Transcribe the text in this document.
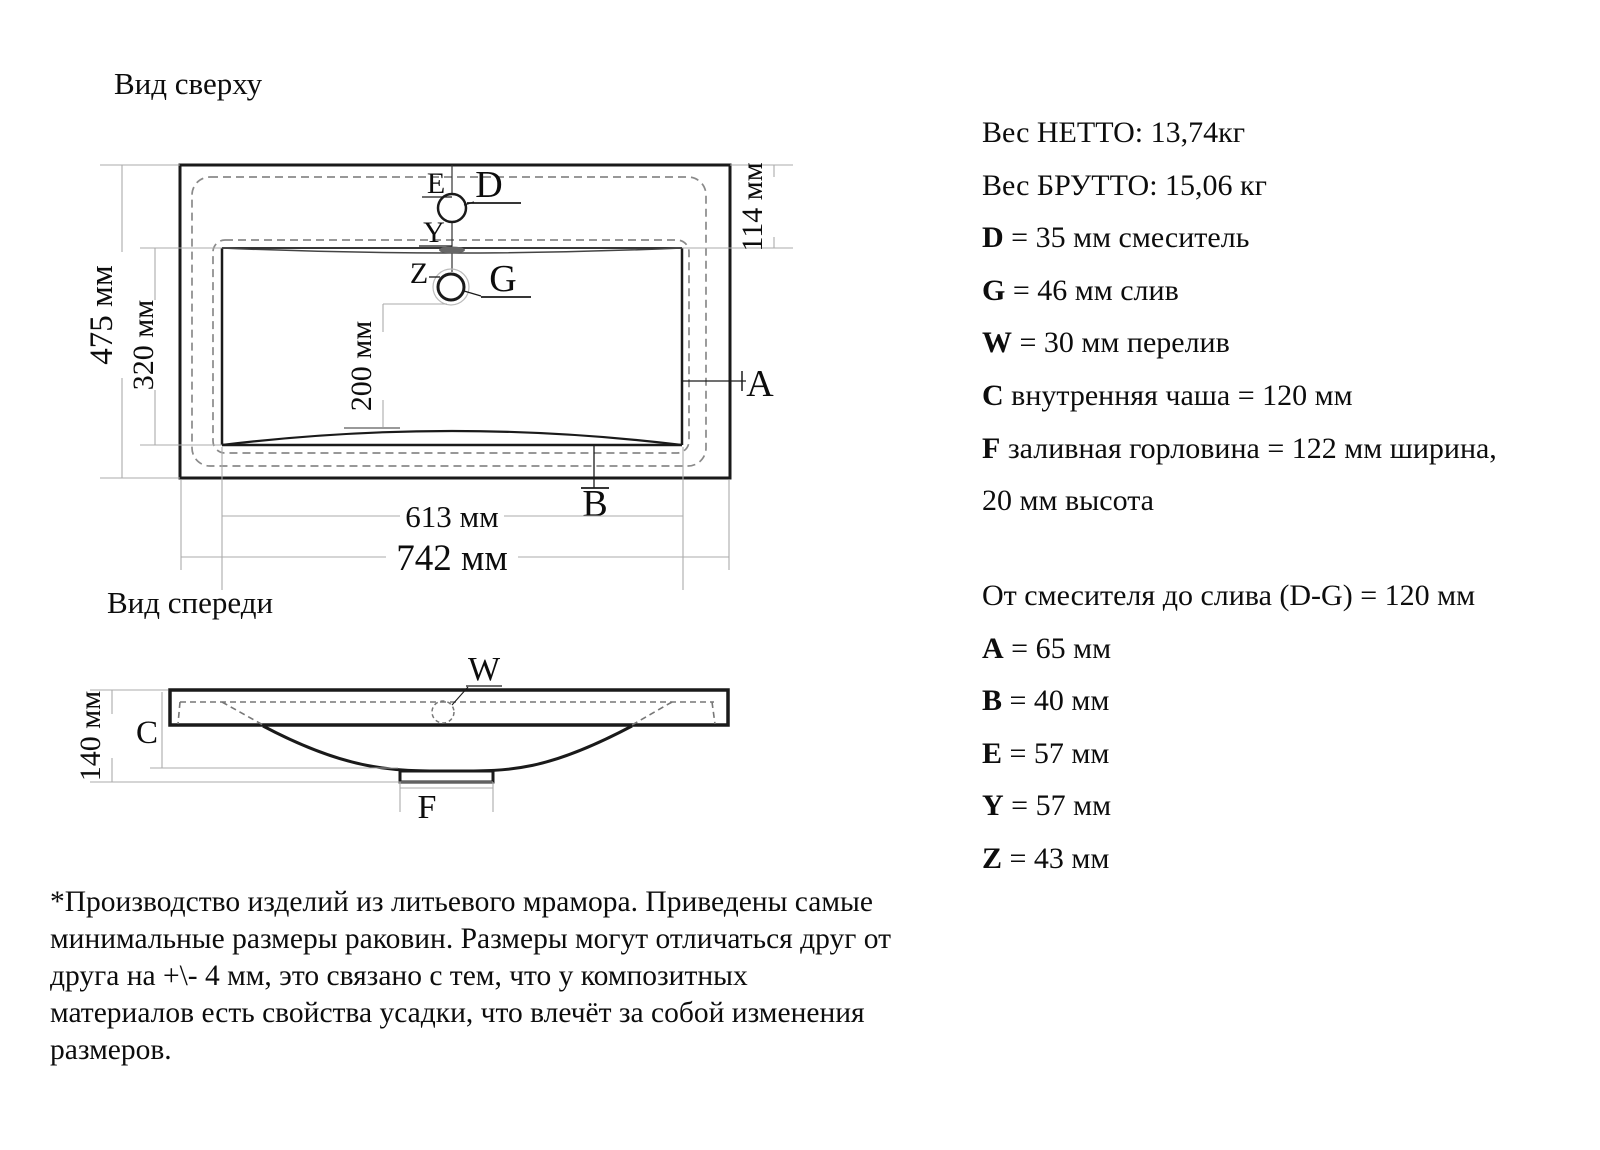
E D
Y
Z G
A
B
475 мм 320 мм	200 мм
114 мм
613 мм
742 мм
W
C
140 мм
F
Вид сверху
Вид спереди
Вес НЕТТО: 13,74кг
Вес БРУТТО: 15,06 кг
D = 35 мм смеситель
G = 46 мм слив
W = 30 мм перелив
C внутренняя чаша = 120 мм
F заливная горловина = 122 мм ширина,
20 мм высота
От смесителя до слива (D-G) = 120 мм
A = 65 мм
B = 40 мм
E = 57 мм
Y = 57 мм
Z = 43 мм
*Производство изделий из литьевого мрамора. Приведены самые минимальные размеры раковин. Размеры могут отличаться друг от друга на +\- 4 мм, это связано с тем, что у композитных материалов есть свойства усадки, что влечёт за собой изменения размеров.
